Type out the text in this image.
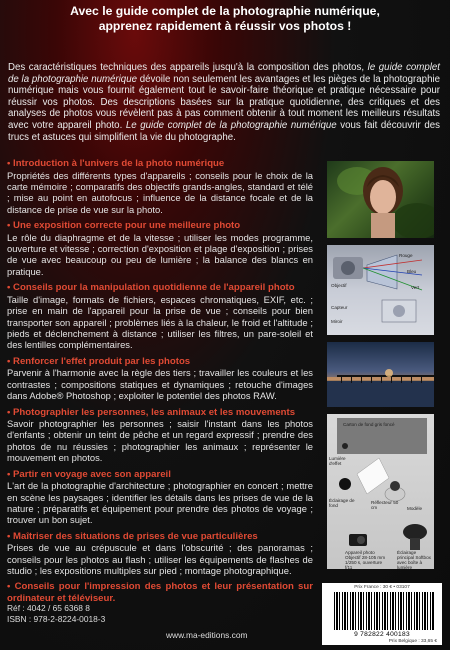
Avec le guide complet de la photographie numérique,
apprenez rapidement à réussir vos photos !
Des caractéristiques techniques des appareils jusqu'à la composition des photos, le guide complet de la photographie numérique dévoile non seulement les avantages et les pièges de la photographie numérique mais vous fournit également tout le savoir-faire théorique et pratique nécessaire pour réussir vos photos. Des descriptions basées sur la pratique quotidienne, des critiques et des analyses de photos vous révèlent pas à pas comment obtenir à tout moment les meilleurs résultats avec votre appareil photo. Le guide complet de la photographie numérique vous fait découvrir des trucs et astuces qui simplifient la vie du photographe.
• Introduction à l'univers de la photo numérique

Propriétés des différents types d'appareils ; conseils pour le choix de la carte mémoire ; comparatifs des objectifs grands-angles, standard et télé ; mise au point en autofocus ; influence de la distance focale et de la distance de prise de vue sur la photo.

• Une exposition correcte pour une meilleure photo

Le rôle du diaphragme et de la vitesse ; utiliser les modes programme, ouverture et vitesse ; correction d'exposition et plage d'exposition ; prises de vue avec beaucoup ou peu de lumière ; la balance des blancs en pratique.

• Conseils pour la manipulation quotidienne de l'appareil photo

Taille d'image, formats de fichiers, espaces chromatiques, EXIF, etc. ; prise en main de l'appareil pour la prise de vue ; conseils pour bien transporter son appareil ; problèmes liés à la chaleur, le froid et l'altitude ; pieds et déclenchement à distance ; utiliser les filtres, un pare-soleil et des lentilles complémentaires.

• Renforcer l'effet produit par les photos

Parvenir à l'harmonie avec la règle des tiers ; travailler les couleurs et les contrastes ; compositions statiques et dynamiques ; retouche d'images dans Adobe® Photoshop ; exploiter le potentiel des photos RAW.

• Photographier les personnes, les animaux et les mouvements

Savoir photographier les personnes ; saisir l'instant dans les photos d'enfants ; obtenir un teint de pêche et un regard expressif ; prendre des photos de nu réussies ; photographier les animaux ; représenter le mouvement en photos.

• Partir en voyage avec son appareil

L'art de la photographie d'architecture ; photographier en concert ; mettre en scène les paysages ; identifier les détails dans les prises de vue de la nature ; préparatifs et équipement pour prendre des photos de voyage ; trouver un bon sujet.

• Maîtriser des situations de prises de vue particulières

Prises de vue au crépuscule et dans l'obscurité ; des panoramas ; conseils pour les photos au flash ; utiliser les équipements de flashes de studio ; les expositions multiples sur pied ; montage photographique.

• Conseils pour l'impression des photos et leur présentation sur ordinateur et téléviseur.
Rouge
Bleu
Vert
Objectif
Capteur
Miroir
Carton de fond gris foncé
Lumière d'effet
Éclairage de fond
Réflecteur 50 cm	Modèle
Appareil photo Objectif 28-105 mm 1/250 s, ouverture f/11
Éclairage principal Softbox avec boîte à lumière
Prix France : 30 € • 03107
9 782822 400183
Prix Belgique : 33,65 €
Réf : 4042 / 65 6368 8
ISBN : 978-2-8224-0018-3
www.ma-editions.com
